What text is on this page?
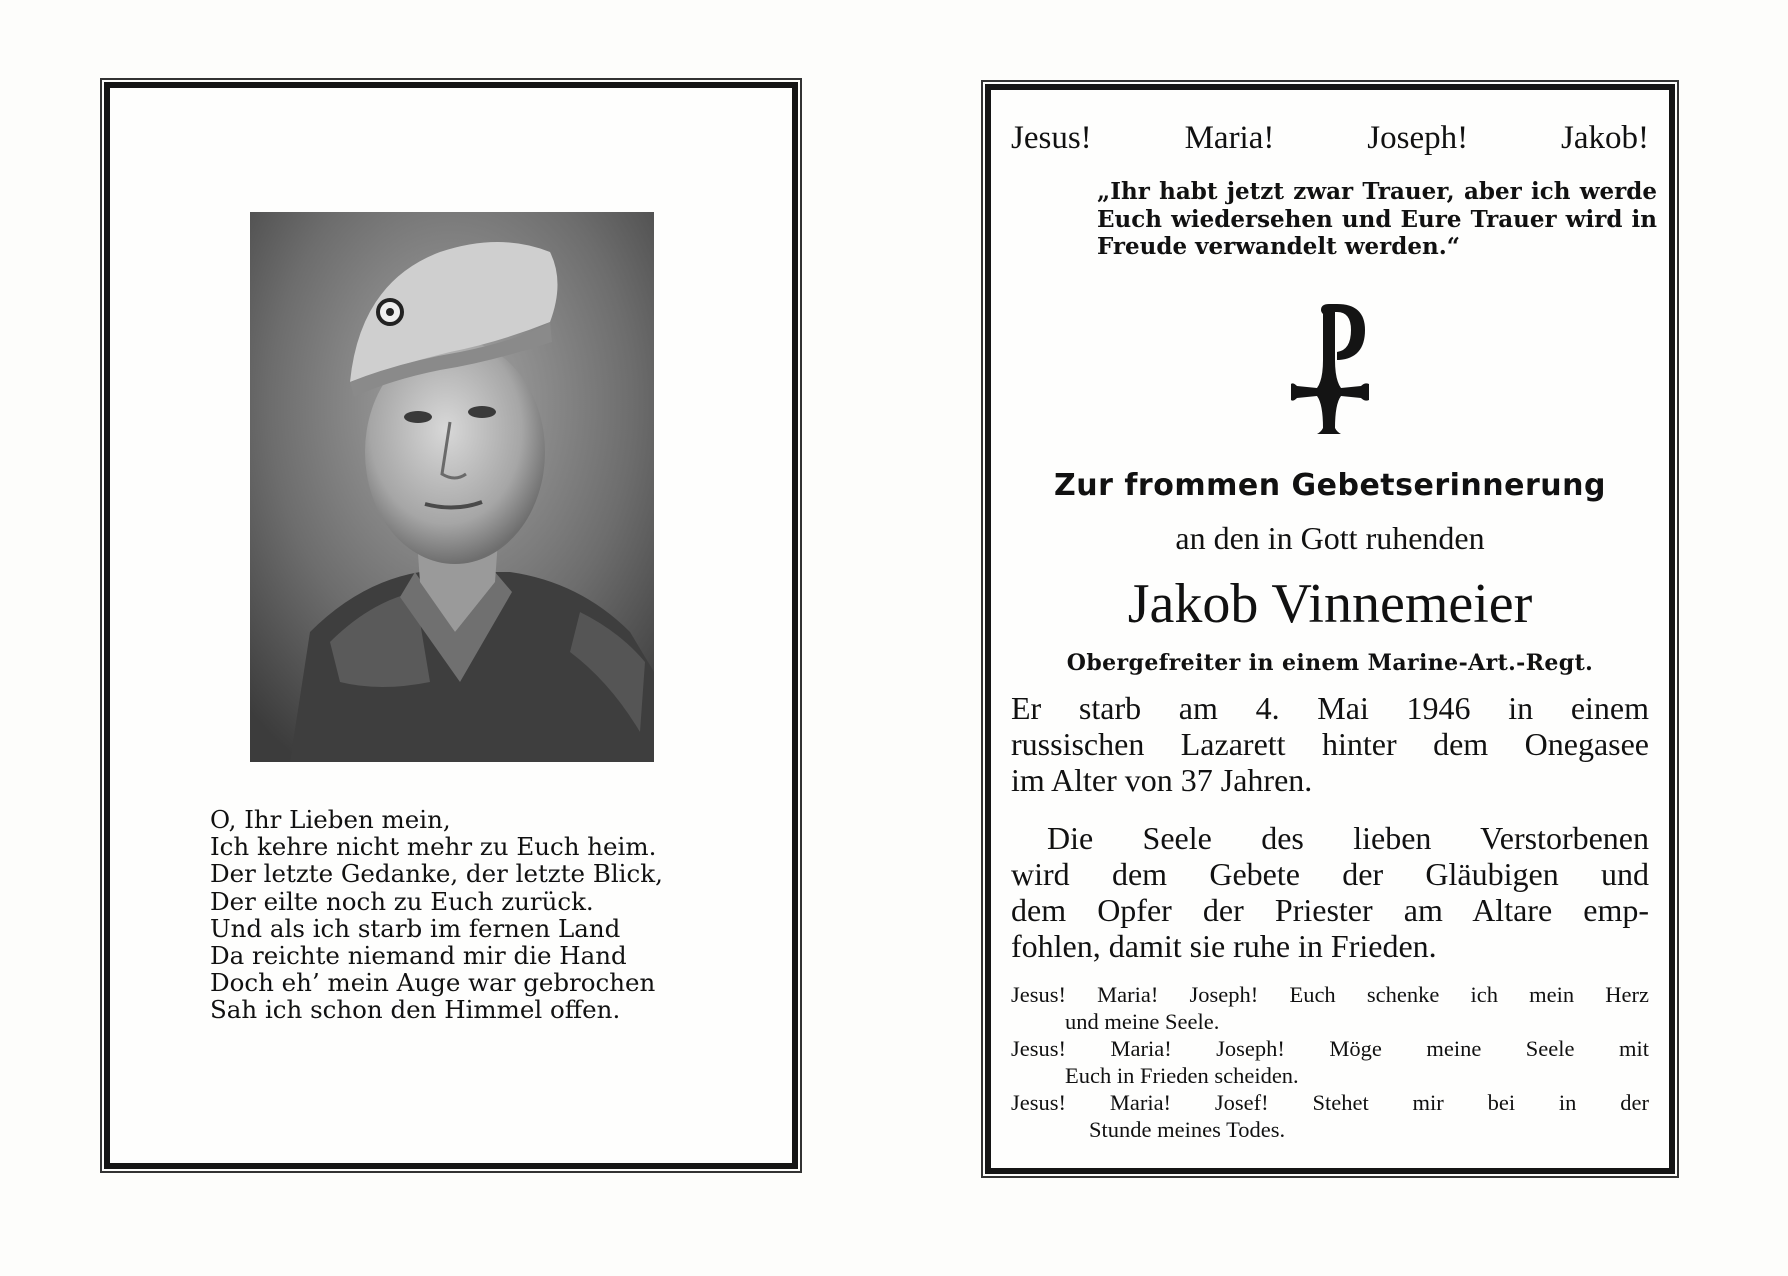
O, Ihr Lieben mein,
Ich kehre nicht mehr zu Euch heim.
Der letzte Gedanke, der letzte Blick,
Der eilte noch zu Euch zurück.
Und als ich starb im fernen Land
Da reichte niemand mir die Hand
Doch eh’ mein Auge war gebrochen
Sah ich schon den Himmel offen.
Jesus!	Maria!	Joseph!	Jakob!
„Ihr habt jetzt zwar Trauer, aber ich werde
Euch wiedersehen und Eure Trauer wird in
Freude verwandelt werden.“
Zur frommen Gebetserinnerung
an den in Gott ruhenden
Jakob Vinnemeier
Obergefreiter in einem Marine-Art.-Regt.
Er starb am 4. Mai 1946 in einem
russischen Lazarett hinter dem Onegasee
im Alter von 37 Jahren.
Die Seele des lieben Verstorbenen
wird dem Gebete der Gläubigen und
dem Opfer der Priester am Altare emp-
fohlen, damit sie ruhe in Frieden.
Jesus! Maria! Joseph! Euch schenke ich mein Herz
und meine Seele.
Jesus! Maria! Joseph! Möge meine Seele mit
Euch in Frieden scheiden.
Jesus! Maria! Josef! Stehet mir bei in der
Stunde meines Todes.
